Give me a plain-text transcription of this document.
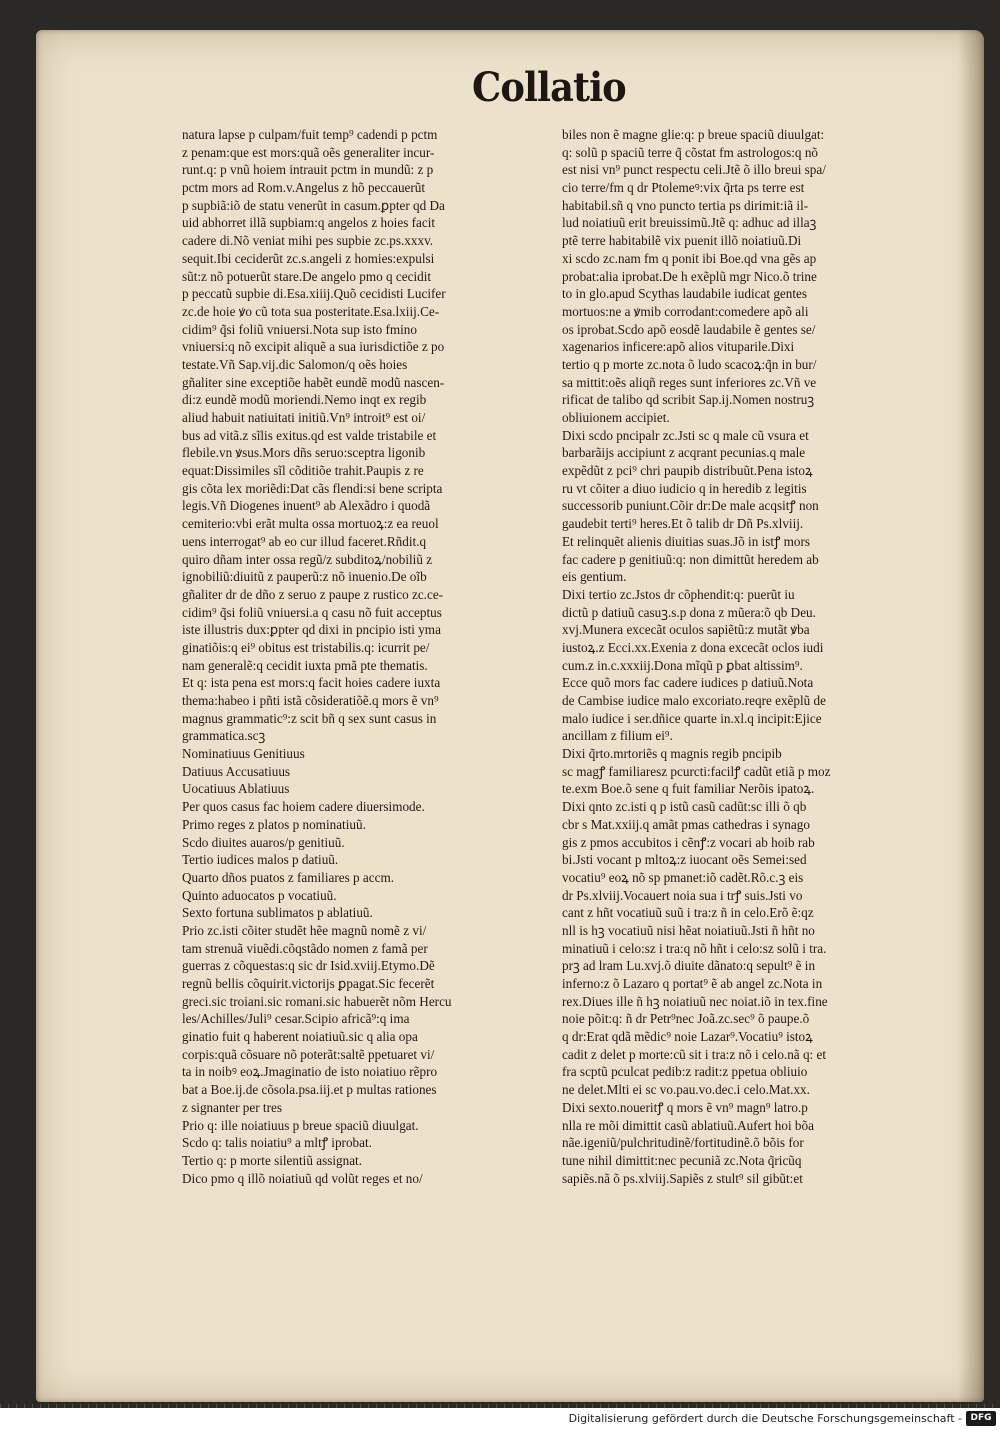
Collatio
natura lapse p culpam/fuit temp⁹ cadendi p pctm
z penam:que est mors:quã oẽs generaliter incur-
runt.q: p vnũ hoiem intrauit pctm in mundũ: z p
pctm mors ad Rom.v.Angelus z hõ peccauerũt
p supbiã:iõ de statu venerũt in casum.ꝑpter qd Da
uid abhorret illã supbiam:q angelos z hoies facit
cadere di.Nõ veniat mihi pes supbie zc.ps.xxxv.
sequit.Ibi ceciderũt zc.s.angeli z homies:expulsi
sũt:z nõ potuerũt stare.De angelo pmo q cecidit
p peccatũ supbie di.Esa.xiiij.Quõ cecidisti Lucifer
zc.de hoie ꝟo cũ tota sua posteritate.Esa.lxiij.Ce-
cidim⁹ q̃si foliũ vniuersi.Nota sup isto fmino
vniuersi:q nõ excipit aliquẽ a sua iurisdictiõe z po
testate.Vñ Sap.vij.dic Salomon/q oẽs hoies
gñaliter sine exceptiõe habẽt eundẽ modũ nascen-
di:z eundẽ modũ moriendi.Nemo inqt ex regib
aliud habuit natiuitati initiũ.Vn⁹ introit⁹ est oi/
bus ad vitã.z sĩlis exitus.qd est valde tristabile et
flebile.vn ꝟsus.Mors dñs seruo:sceptra ligonib
equat:Dissimiles sĩl cõditiõe trahit.Paupis z re
gis cõta lex moriẽdi:Dat cãs flendi:si bene scripta
legis.Vñ Diogenes inuent⁹ ab Alexãdro i quodã
cemiterio:vbi erãt multa ossa mortuoꝝ:z ea reuol
uens interrogat⁹ ab eo cur illud faceret.Rñdit.q
quiro dñam inter ossa regũ/z subditoꝝ/nobiliũ z
ignobiliũ:diuitũ z pauperũ:z nõ inuenio.De oĩb
gñaliter dr de dño z seruo z paupe z rustico zc.ce-
cidim⁹ q̃si foliũ vniuersi.a q casu nõ fuit acceptus
iste illustris dux:ꝑpter qd dixi in pncipio isti yma
ginatiõis:q ei⁹ obitus est tristabilis.q: icurrit pe/
nam generalẽ:q cecidit iuxta pmã pte thematis.
Et q: ista pena est mors:q facit hoies cadere iuxta
thema:habeo i pñti istã cõsideratiõẽ.q mors ẽ vn⁹
magnus grammatic⁹:z scit bñ q sex sunt casus in
grammatica.scꝫ
Nominatiuus Genitiuus
Datiuus Accusatiuus
Uocatiuus Ablatiuus
Per quos casus fac hoiem cadere diuersimode.
Primo reges z platos p nominatiuũ.
Scdo diuites auaros/p genitiuũ.
Tertio iudices malos p datiuũ.
Quarto dños puatos z familiares p accm.
Quinto aduocatos p vocatiuũ.
Sexto fortuna sublimatos p ablatiuũ.
Prio zc.isti cõiter studẽt hẽe magnũ nomẽ z vi/
tam strenuã viuẽdi.cõqstãdo nomen z famã per
guerras z cõquestas:q sic dr Isid.xviij.Etymo.Dẽ
regnũ bellis cõquirit.victorijs ꝑpagat.Sic fecerẽt
greci.sic troiani.sic romani.sic habuerẽt nõm Hercu
les/Achilles/Juli⁹ cesar.Scipio africã⁹:q ima
ginatio fuit q haberent noiatiuũ.sic q alia opa
corpis:quã cõsuare nõ poterãt:saltẽ ppetuaret vi/
ta in noibꝰ eoꝝ.Jmaginatio de isto noiatiuo rẽpro
bat a Boe.ij.de cõsola.psa.iij.et p multas rationes
z signanter per tres
Prio q: ille noiatiuus p breue spaciũ diuulgat.
Scdo q: talis noiatiu⁹ a mltꝭ iprobat.
Tertio q: p morte silentiũ assignat.
Dico pmo q illõ noiatiuũ qd volũt reges et no/
biles non ẽ magne glie:q: p breue spaciũ diuulgat:
q: solũ p spaciũ terre q̃ cõstat fm astrologos:q nõ
est nisi vn⁹ punct respectu celi.Jtẽ õ illo breui spa/
cio terre/fm q dr Ptolemeꝰ:vix q̃rta ps terre est
habitabil.sñ q vno puncto tertia ps dirimit:iã il-
lud noiatiuũ erit breuissimũ.Jtẽ q: adhuc ad illaꝫ
ptẽ terre habitabilẽ vix puenit illõ noiatiuũ.Di
xi scdo zc.nam fm q ponit ibi Boe.qd vna gẽs ap
probat:alia iprobat.De h exẽplũ mgr Nico.õ trine
to in glo.apud Scythas laudabile iudicat gentes
mortuos:ne a ꝟmib corrodant:comedere apõ ali
os iprobat.Scdo apõ eosdẽ laudabile ẽ gentes se/
xagenarios inficere:apõ alios vituparile.Dixi
tertio q p morte zc.nota õ ludo scacoꝝ:q̃n in bur/
sa mittit:oẽs aliqñ reges sunt inferiores zc.Vñ ve
rificat de talibo qd scribit Sap.ij.Nomen nostruꝫ
obliuionem accipiet.
Dixi scdo pncipalr zc.Jsti sc q male cũ vsura et
barbarãijs accipiunt z acqrant pecunias.q male
expẽdũt z pci⁹ chri paupib distribuũt.Pena istoꝝ
ru vt cõiter a diuo iudicio q in heredib z legitis
successorib puniunt.Cõir dr:De male acqsitꝭ non
gaudebit terti⁹ heres.Et õ talib dr Dñ Ps.xlviij.
Et relinquẽt alienis diuitias suas.Jõ in istꝭ mors
fac cadere p genitiuũ:q: non dimittũt heredem ab
eis gentium.
Dixi tertio zc.Jstos dr cõphendit:q: puerũt iu
dictũ p datiuũ casuꝫ.s.p dona z mũera:õ qb Deu.
xvj.Munera excecãt oculos sapiẽtũ:z mutãt ꝟba
iustoꝝ.z Ecci.xx.Exenia z dona excecãt oclos iudi
cum.z in.c.xxxiij.Dona mĩqũ p ꝑbat altissim⁹.
Ecce quõ mors fac cadere iudices p datiuũ.Nota
de Cambise iudice malo excoriato.reqre exẽplũ de
malo iudice i ser.dñice quarte in.xl.q incipit:Ejice
ancillam z filium ei⁹.
Dixi q̃rto.mrtoriẽs q magnis regib pncipib
sc magꝭ familiaresz pcurcti:facilꝭ cadũt etiã p moz
te.exm Boe.õ sene q fuit familiar Nerõis ipatoꝝ.
Dixi qnto zc.isti q p istũ casũ cadũt:sc illi õ qb
cbr s Mat.xxiij.q amãt pmas cathedras i synago
gis z pmos accubitos i cẽnꝭ:z vocari ab hoib rab
bi.Jsti vocant p mltoꝝ:z iuocant oẽs Semei:sed
vocatiu⁹ eoꝝ nõ sp pmanet:iõ cadẽt.Rõ.c.ꝫ eis
dr Ps.xlviij.Vocauert noia sua i trꝭ suis.Jsti vo
cant z hñt vocatiuũ suũ i tra:z ñ in celo.Erõ ẽ:qz
nll is hꝫ vocatiuũ nisi hẽat noiatiuũ.Jsti ñ hñt no
minatiuũ i celo:sz i tra:q nõ hñt i celo:sz solũ i tra.
prꝫ ad lram Lu.xvj.õ diuite dãnato:q sepult⁹ ẽ in
inferno:z õ Lazaro q portat⁹ ẽ ab angel zc.Nota in
rex.Diues ille ñ hꝫ noiatiuũ nec noiat.iõ in tex.fine
noie põit:q: ñ dr Petr⁹nec Joã.zc.sec⁹ õ paupe.õ
q dr:Erat qdã mẽdic⁹ noie Lazar⁹.Vocatiu⁹ istoꝝ
cadit z delet p morte:cũ sit i tra:z nõ i celo.nã q: et
fra scptũ pculcat pedib:z radit:z ppetua obliuio
ne delet.Mlti ei sc vo.pau.vo.dec.i celo.Mat.xx.
Dixi sexto.noueritꝭ q mors ẽ vn⁹ magn⁹ latro.p
nlla re mõi dimittit casũ ablatiuũ.Aufert hoi bõa
nãe.igeniũ/pulchritudinẽ/fortitudinẽ.õ bõis for
tune nihil dimittit:nec pecuniã zc.Nota q̃ricũq
sapiẽs.nã õ ps.xlviij.Sapiẽs z stult⁹ sil gibũt:et
Digitalisierung gefördert durch die Deutsche Forschungsgemeinschaft - DFG
